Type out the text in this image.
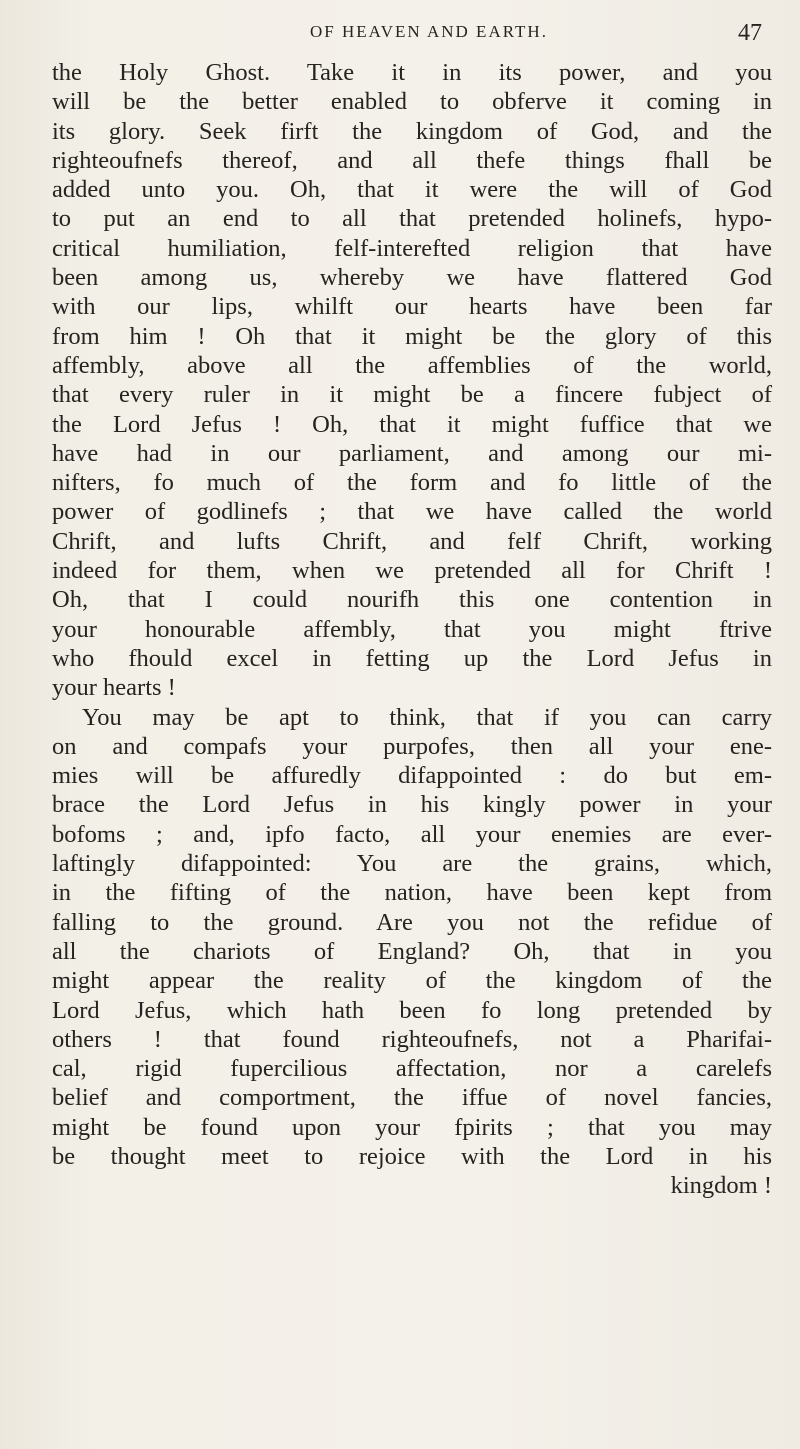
OF HEAVEN AND EARTH.	47
the Holy Ghost. Take it in its power, and you
will be the better enabled to obferve it coming in
its glory. Seek firft the kingdom of God, and the
righteoufnefs thereof, and all thefe things fhall be
added unto you. Oh, that it were the will of God
to put an end to all that pretended holinefs, hypo-
critical humiliation, felf-interefted religion that have
been among us, whereby we have flattered God
with our lips, whilft our hearts have been far
from him ! Oh that it might be the glory of this
affembly, above all the affemblies of the world,
that every ruler in it might be a fincere fubject of
the Lord Jefus ! Oh, that it might fuffice that we
have had in our parliament, and among our mi-
nifters, fo much of the form and fo little of the
power of godlinefs ; that we have called the world
Chrift, and lufts Chrift, and felf Chrift, working
indeed for them, when we pretended all for Chrift !
Oh, that I could nourifh this one contention in
your honourable affembly, that you might ftrive
who fhould excel in fetting up the Lord Jefus in
your hearts !
You may be apt to think, that if you can carry
on and compafs your purpofes, then all your ene-
mies will be affuredly difappointed : do but em-
brace the Lord Jefus in his kingly power in your
bofoms ; and, ipfo facto, all your enemies are ever-
laftingly difappointed: You are the grains, which,
in the fifting of the nation, have been kept from
falling to the ground. Are you not the refidue of
all the chariots of England? Oh, that in you
might appear the reality of the kingdom of the
Lord Jefus, which hath been fo long pretended by
others ! that found righteoufnefs, not a Pharifai-
cal, rigid fupercilious affectation, nor a carelefs
belief and comportment, the iffue of novel fancies,
might be found upon your fpirits ; that you may
be thought meet to rejoice with the Lord in his
kingdom !
